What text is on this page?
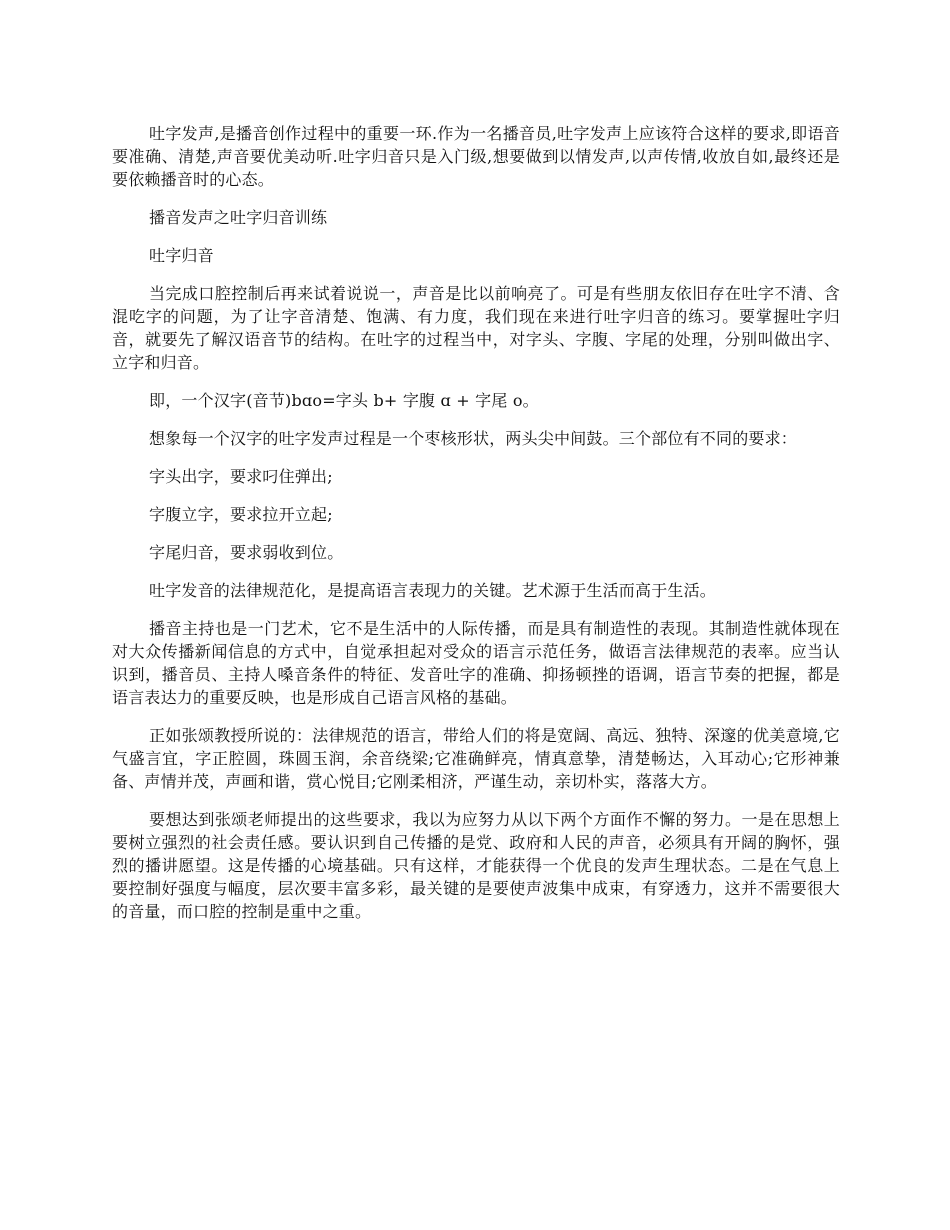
吐字发声,是播音创作过程中的重要一环.作为一名播音员,吐字发声上应该符合这样的要求,即语音要准确、清楚,声音要优美动听.吐字归音只是入门级,想要做到以情发声,以声传情,收放自如,最终还是要依赖播音时的心态。

播音发声之吐字归音训练

吐字归音

当完成口腔控制后再来试着说说一，声音是比以前响亮了。可是有些朋友依旧存在吐字不清、含混吃字的问题，为了让字音清楚、饱满、有力度，我们现在来进行吐字归音的练习。要掌握吐字归音，就要先了解汉语音节的结构。在吐字的过程当中，对字头、字腹、字尾的处理，分别叫做出字、立字和归音。

即，一个汉字(音节)bɑo=字头 b+ 字腹 ɑ + 字尾 o。

想象每一个汉字的吐字发声过程是一个枣核形状，两头尖中间鼓。三个部位有不同的要求：

字头出字，要求叼住弹出;

字腹立字，要求拉开立起;

字尾归音，要求弱收到位。

吐字发音的法律规范化，是提高语言表现力的关键。艺术源于生活而高于生活。

播音主持也是一门艺术，它不是生活中的人际传播，而是具有制造性的表现。其制造性就体现在对大众传播新闻信息的方式中，自觉承担起对受众的语言示范任务，做语言法律规范的表率。应当认识到，播音员、主持人嗓音条件的特征、发音吐字的准确、抑扬顿挫的语调，语言节奏的把握，都是语言表达力的重要反映，也是形成自己语言风格的基础。

正如张颂教授所说的：法律规范的语言，带给人们的将是宽阔、高远、独特、深邃的优美意境,它气盛言宜，字正腔圆，珠圆玉润，余音绕梁;它准确鲜亮，情真意挚，清楚畅达，入耳动心;它形神兼备、声情并茂，声画和谐，赏心悦目;它刚柔相济，严谨生动，亲切朴实，落落大方。

要想达到张颂老师提出的这些要求，我以为应努力从以下两个方面作不懈的努力。一是在思想上要树立强烈的社会责任感。要认识到自己传播的是党、政府和人民的声音，必须具有开阔的胸怀，强烈的播讲愿望。这是传播的心境基础。只有这样，才能获得一个优良的发声生理状态。二是在气息上要控制好强度与幅度，层次要丰富多彩，最关键的是要使声波集中成束，有穿透力，这并不需要很大的音量，而口腔的控制是重中之重。
